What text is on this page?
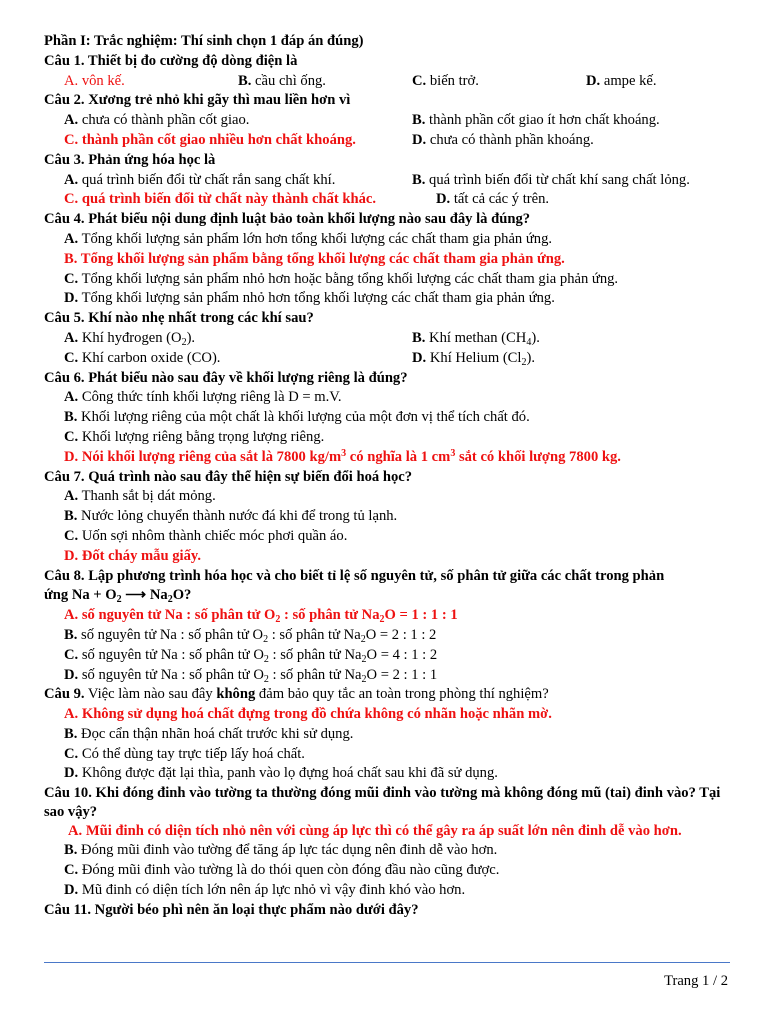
Phần I: Trắc nghiệm: Thí sinh chọn 1 đáp án đúng)
Câu 1. Thiết bị đo cường độ dòng điện là
A. vôn kế.	B. cầu chì ống.	C. biến trở.	D. ampe kế.
Câu 2. Xương trẻ nhỏ khi gãy thì mau liền hơn vì
A. chưa có thành phần cốt giao.	B. thành phần cốt giao ít hơn chất khoáng.
C. thành phần cốt giao nhiều hơn chất khoáng.	D. chưa có thành phần khoáng.
Câu 3. Phản ứng hóa học là
A. quá trình biến đổi từ chất rắn sang chất khí.	B. quá trình biến đổi từ chất khí sang chất lỏng.
C. quá trình biến đổi từ chất này thành chất khác.	D. tất cả các ý trên.
Câu 4. Phát biểu nội dung định luật bảo toàn khối lượng nào sau đây là đúng?
A. Tổng khối lượng sản phẩm lớn hơn tổng khối lượng các chất tham gia phản ứng.
B. Tổng khối lượng sản phẩm bằng tổng khối lượng các chất tham gia phản ứng.
C. Tổng khối lượng sản phẩm nhỏ hơn hoặc bằng tổng khối lượng các chất tham gia phản ứng.
D. Tổng khối lượng sản phẩm nhỏ hơn tổng khối lượng các chất tham gia phản ứng.
Câu 5. Khí nào nhẹ nhất trong các khí sau?
A. Khí hyđrogen $(O_2)$.	B. Khí methan $(CH_4)$.
C. Khí carbon oxide (CO).	D. Khí Helium $(Cl_2)$.
Câu 6. Phát biểu nào sau đây về khối lượng riêng là đúng?
A. Công thức tính khối lượng riêng là D = m.V.
B. Khối lượng riêng của một chất là khối lượng của một đơn vị thể tích chất đó.
C. Khối lượng riêng bằng trọng lượng riêng.
D. Nói khối lượng riêng của sắt là 7800 $kg/m^3$ có nghĩa là 1 $cm^3$ sắt có khối lượng 7800 kg.
Câu 7. Quá trình nào sau đây thể hiện sự biến đổi hoá học?
A. Thanh sắt bị dát mỏng.
B. Nước lỏng chuyển thành nước đá khi để trong tủ lạnh.
C. Uốn sợi nhôm thành chiếc móc phơi quần áo.
D. Đốt cháy mẫu giấy.
Câu 8. Lập phương trình hóa học và cho biết tỉ lệ số nguyên tử, số phân tử giữa các chất trong phản
ứng $Na + O_2$ ⟶ $Na_2O$?
A. số nguyên tử Na : số phân tử $O_2$ : số phân tử $Na_2O = 1$ : 1 : 1
B. số nguyên tử Na : số phân tử $O_2$ : số phân tử $Na_2O = 2$ : 1 : 2
C. số nguyên tử Na : số phân tử $O_2$ : số phân tử $Na_2O = 4$ : 1 : 2
D. số nguyên tử Na : số phân tử $O_2$ : số phân tử $Na_2O = 2$ : 1 : 1
Câu 9. Việc làm nào sau đây không đảm bảo quy tắc an toàn trong phòng thí nghiệm?
A. Không sử dụng hoá chất đựng trong đồ chứa không có nhãn hoặc nhãn mờ.
B. Đọc cẩn thận nhãn hoá chất trước khi sử dụng.
C. Có thể dùng tay trực tiếp lấy hoá chất.
D. Không được đặt lại thìa, panh vào lọ đựng hoá chất sau khi đã sử dụng.
Câu 10. Khi đóng đinh vào tường ta thường đóng mũi đinh vào tường mà không đóng mũ (tai) đinh vào? Tại sao vậy?
A. Mũi đinh có diện tích nhỏ nên với cùng áp lực thì có thể gây ra áp suất lớn nên đinh dễ vào hơn.
B. Đóng mũi đinh vào tường để tăng áp lực tác dụng nên đinh dễ vào hơn.
C. Đóng mũi đinh vào tường là do thói quen còn đóng đầu nào cũng được.
D. Mũ đinh có diện tích lớn nên áp lực nhỏ vì vậy đinh khó vào hơn.
Câu 11. Người béo phì nên ăn loại thực phẩm nào dưới đây?
Trang 1 / 2
